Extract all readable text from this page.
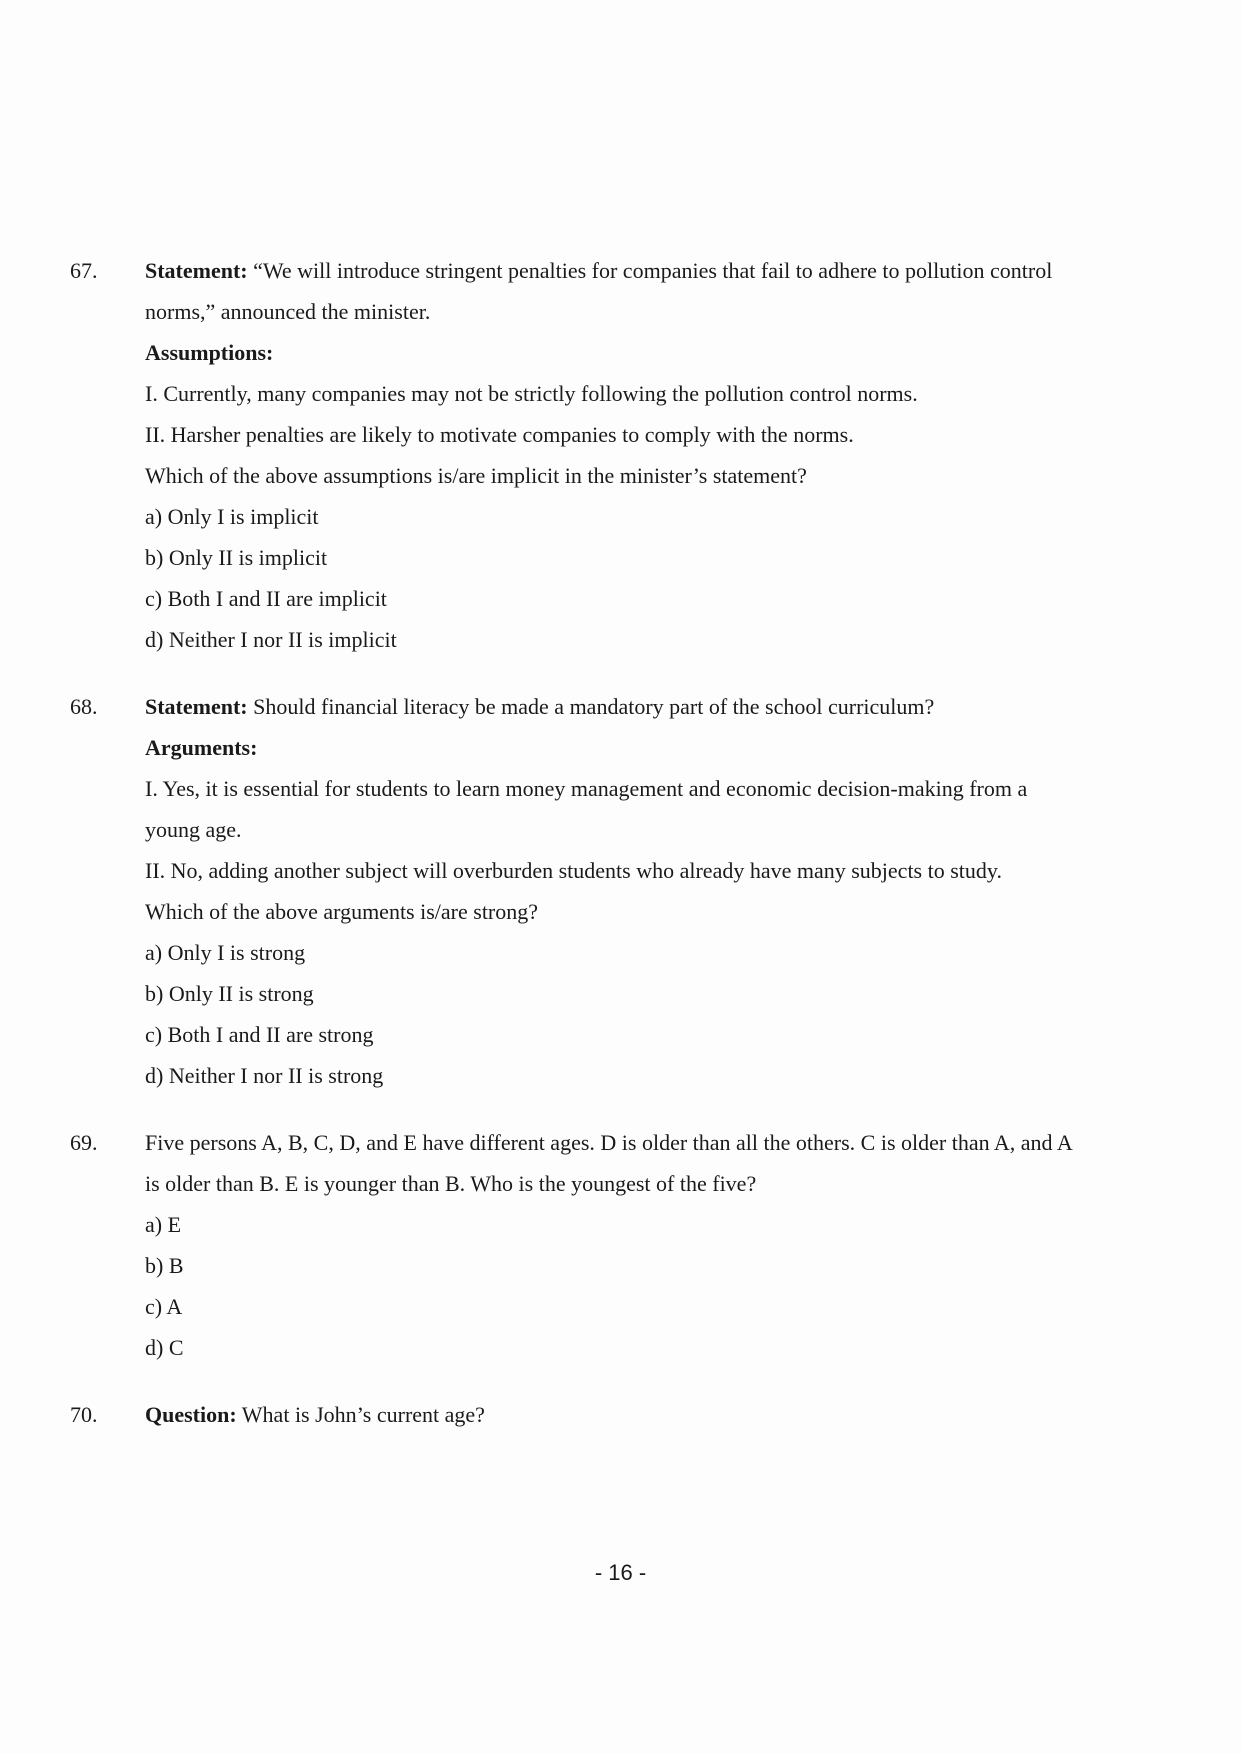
67. Statement: “We will introduce stringent penalties for companies that fail to adhere to pollution control
norms,” announced the minister.
Assumptions:
I. Currently, many companies may not be strictly following the pollution control norms.
II. Harsher penalties are likely to motivate companies to comply with the norms.
Which of the above assumptions is/are implicit in the minister’s statement?
a) Only I is implicit
b) Only II is implicit
c) Both I and II are implicit
d) Neither I nor II is implicit
68. Statement: Should financial literacy be made a mandatory part of the school curriculum?
Arguments:
I. Yes, it is essential for students to learn money management and economic decision-making from a
young age.
II. No, adding another subject will overburden students who already have many subjects to study.
Which of the above arguments is/are strong?
a) Only I is strong
b) Only II is strong
c) Both I and II are strong
d) Neither I nor II is strong
69. Five persons A, B, C, D, and E have different ages. D is older than all the others. C is older than A, and A
is older than B. E is younger than B. Who is the youngest of the five?
a) E
b) B
c) A
d) C
70. Question: What is John’s current age?
- 16 -
